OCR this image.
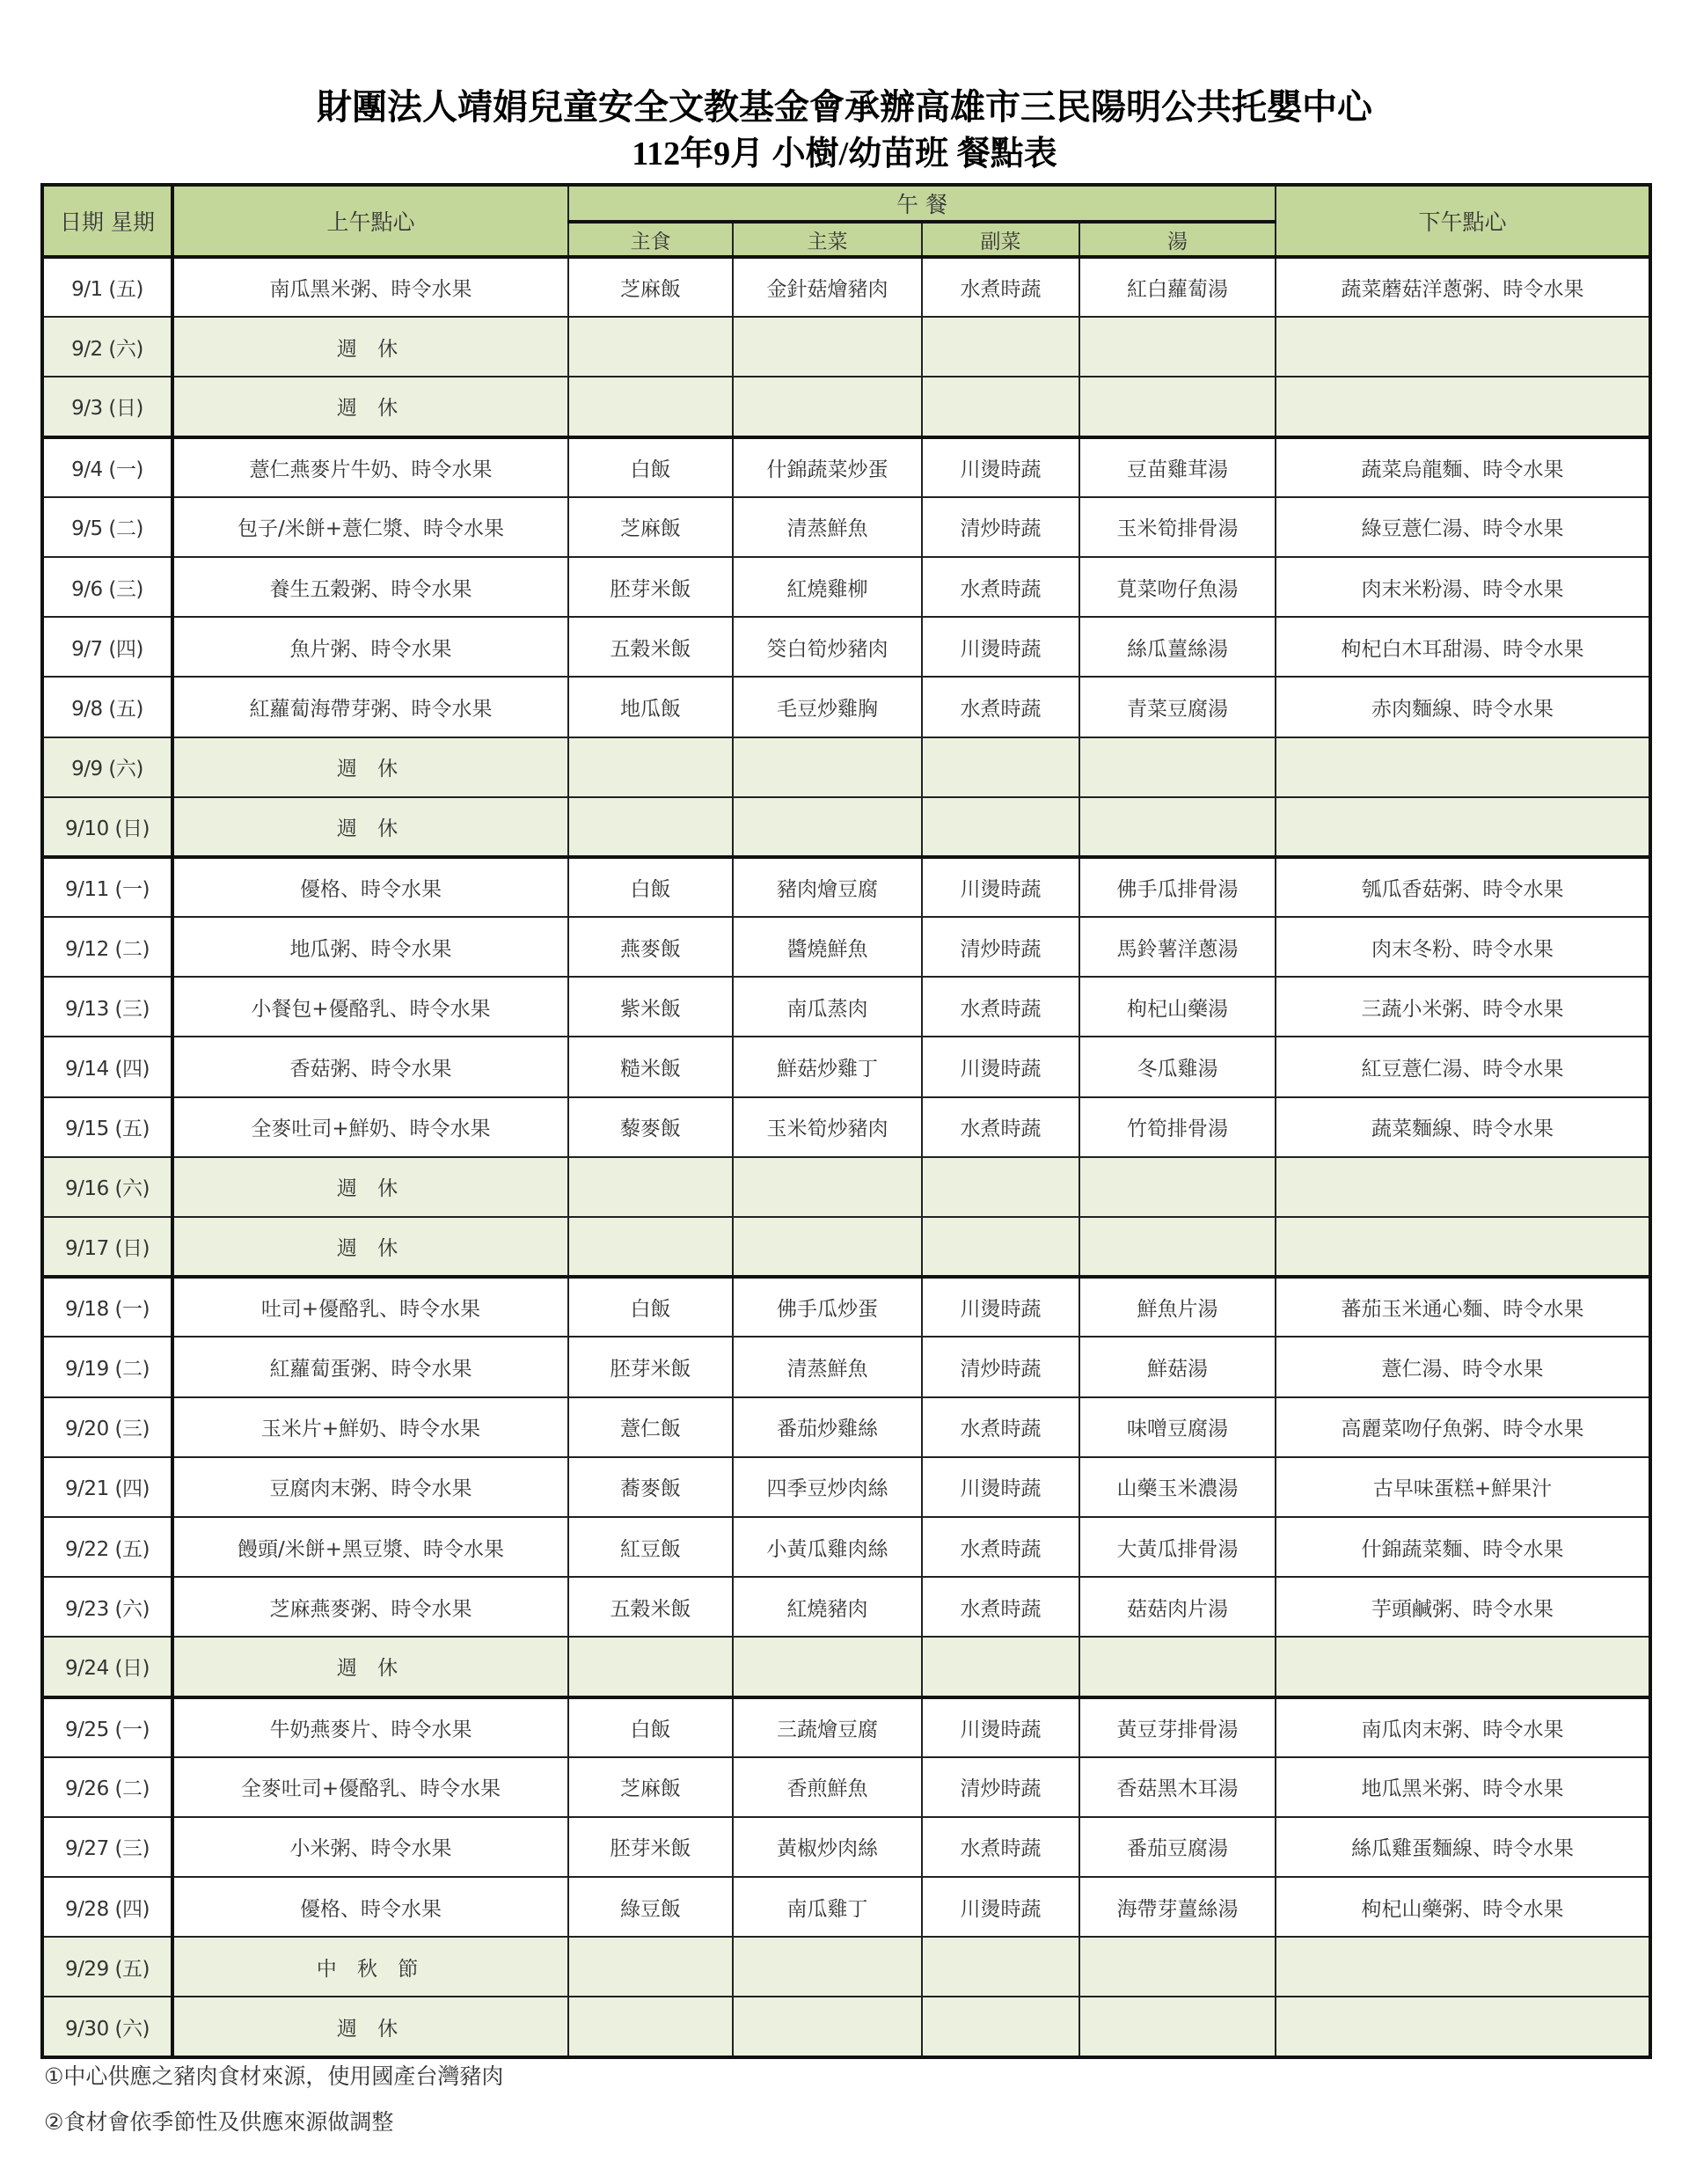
財團法人靖娟兒童安全文教基金會承辦高雄市三民陽明公共托嬰中心
112年9月 小樹/幼苗班 餐點表
日期 星期	上午點心	午 餐				下午點心
		主食	主菜	副菜	湯	
9/1 (五)	南瓜黑米粥、時令水果	芝麻飯	金針菇燴豬肉	水煮時蔬	紅白蘿蔔湯	蔬菜蘑菇洋蔥粥、時令水果
9/2 (六)	週 休					
9/3 (日)	週 休					
9/4 (一)	薏仁燕麥片牛奶、時令水果	白飯	什錦蔬菜炒蛋	川燙時蔬	豆苗雞茸湯	蔬菜烏龍麵、時令水果
9/5 (二)	包子/米餅+薏仁漿、時令水果	芝麻飯	清蒸鮮魚	清炒時蔬	玉米筍排骨湯	綠豆薏仁湯、時令水果
9/6 (三)	養生五穀粥、時令水果	胚芽米飯	紅燒雞柳	水煮時蔬	莧菜吻仔魚湯	肉末米粉湯、時令水果
9/7 (四)	魚片粥、時令水果	五穀米飯	筊白筍炒豬肉	川燙時蔬	絲瓜薑絲湯	枸杞白木耳甜湯、時令水果
9/8 (五)	紅蘿蔔海帶芽粥、時令水果	地瓜飯	毛豆炒雞胸	水煮時蔬	青菜豆腐湯	赤肉麵線、時令水果
9/9 (六)	週 休					
9/10 (日)	週 休					
9/11 (一)	優格、時令水果	白飯	豬肉燴豆腐	川燙時蔬	佛手瓜排骨湯	瓠瓜香菇粥、時令水果
9/12 (二)	地瓜粥、時令水果	燕麥飯	醬燒鮮魚	清炒時蔬	馬鈴薯洋蔥湯	肉末冬粉、時令水果
9/13 (三)	小餐包+優酪乳、時令水果	紫米飯	南瓜蒸肉	水煮時蔬	枸杞山藥湯	三蔬小米粥、時令水果
9/14 (四)	香菇粥、時令水果	糙米飯	鮮菇炒雞丁	川燙時蔬	冬瓜雞湯	紅豆薏仁湯、時令水果
9/15 (五)	全麥吐司+鮮奶、時令水果	藜麥飯	玉米筍炒豬肉	水煮時蔬	竹筍排骨湯	蔬菜麵線、時令水果
9/16 (六)	週 休					
9/17 (日)	週 休					
9/18 (一)	吐司+優酪乳、時令水果	白飯	佛手瓜炒蛋	川燙時蔬	鮮魚片湯	蕃茄玉米通心麵、時令水果
9/19 (二)	紅蘿蔔蛋粥、時令水果	胚芽米飯	清蒸鮮魚	清炒時蔬	鮮菇湯	薏仁湯、時令水果
9/20 (三)	玉米片+鮮奶、時令水果	薏仁飯	番茄炒雞絲	水煮時蔬	味噌豆腐湯	高麗菜吻仔魚粥、時令水果
9/21 (四)	豆腐肉末粥、時令水果	蕎麥飯	四季豆炒肉絲	川燙時蔬	山藥玉米濃湯	古早味蛋糕+鮮果汁
9/22 (五)	饅頭/米餅+黑豆漿、時令水果	紅豆飯	小黃瓜雞肉絲	水煮時蔬	大黃瓜排骨湯	什錦蔬菜麵、時令水果
9/23 (六)	芝麻燕麥粥、時令水果	五穀米飯	紅燒豬肉	水煮時蔬	菇菇肉片湯	芋頭鹹粥、時令水果
9/24 (日)	週 休					
9/25 (一)	牛奶燕麥片、時令水果	白飯	三蔬燴豆腐	川燙時蔬	黃豆芽排骨湯	南瓜肉末粥、時令水果
9/26 (二)	全麥吐司+優酪乳、時令水果	芝麻飯	香煎鮮魚	清炒時蔬	香菇黑木耳湯	地瓜黑米粥、時令水果
9/27 (三)	小米粥、時令水果	胚芽米飯	黃椒炒肉絲	水煮時蔬	番茄豆腐湯	絲瓜雞蛋麵線、時令水果
9/28 (四)	優格、時令水果	綠豆飯	南瓜雞丁	川燙時蔬	海帶芽薑絲湯	枸杞山藥粥、時令水果
9/29 (五)	中 秋 節					
9/30 (六)	週 休					
①中心供應之豬肉食材來源，使用國產台灣豬肉
②食材會依季節性及供應來源做調整
